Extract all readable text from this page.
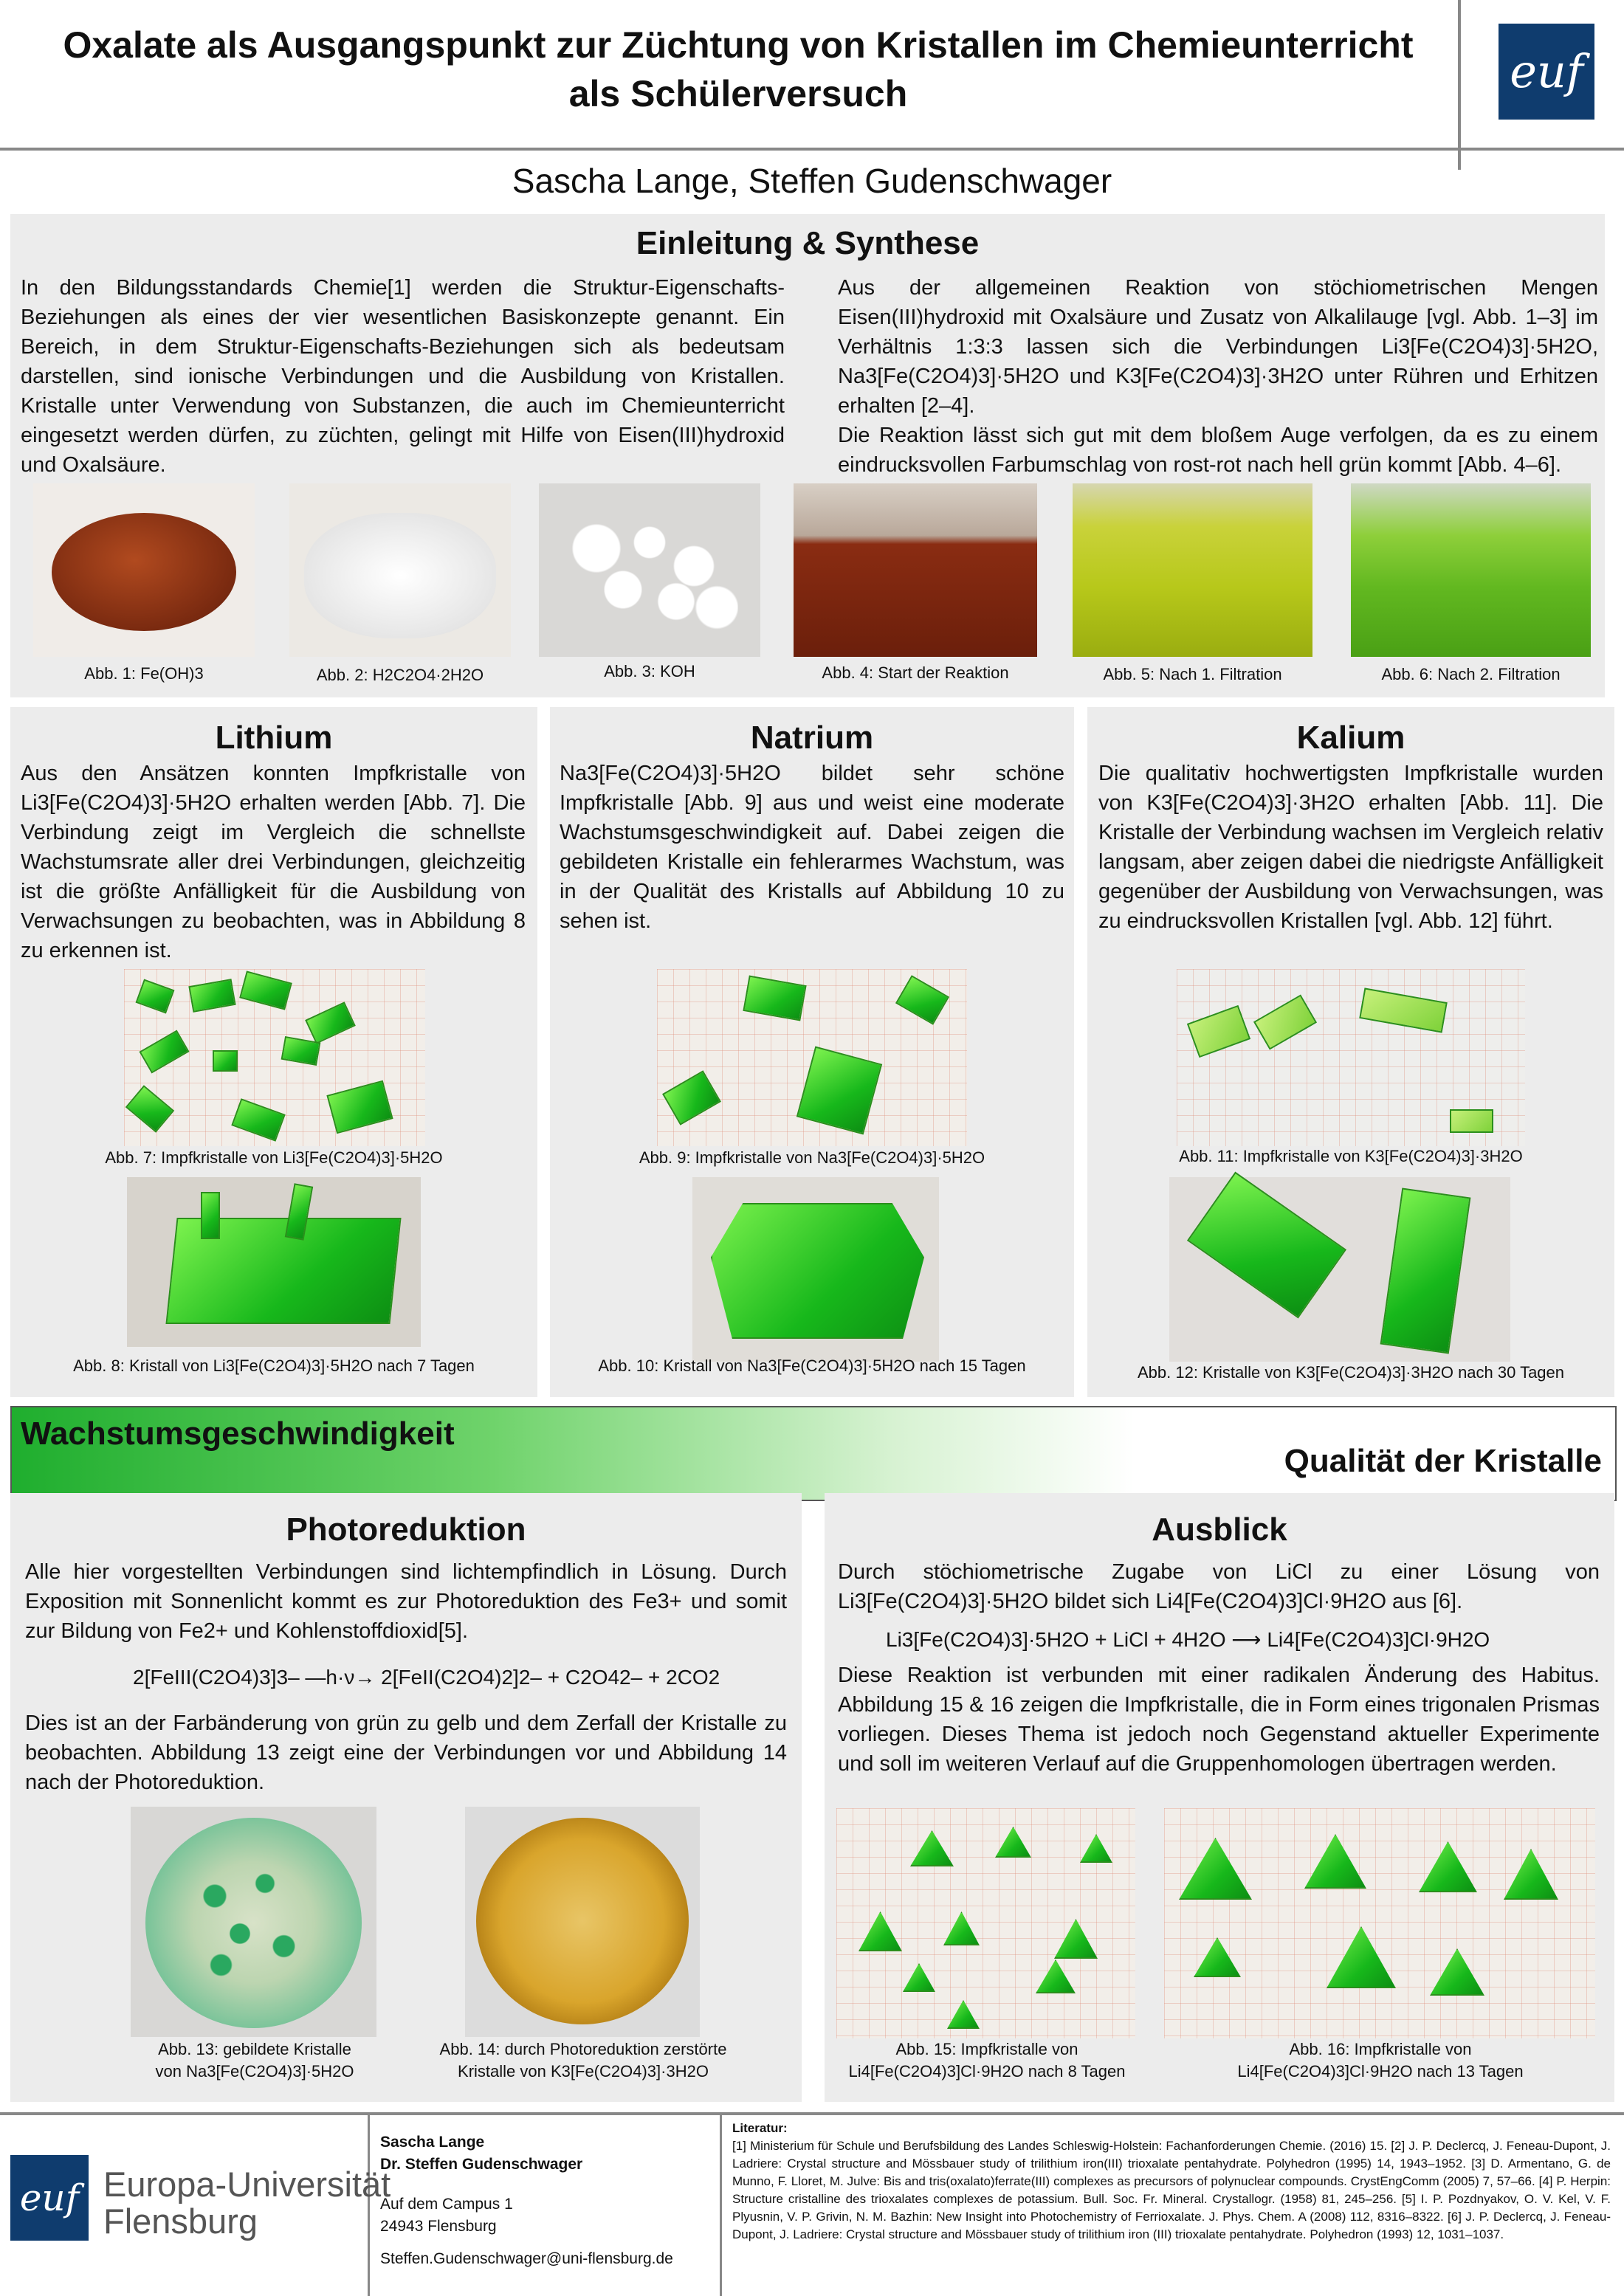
Oxalate als Ausgangspunkt zur Züchtung von Kristallen im Chemieunterricht
als Schülerversuch	euf
Sascha Lange, Steffen Gudenschwager
Einleitung & Synthese

In den Bildungsstandards Chemie[1] werden die Struktur-Eigenschafts-Beziehungen als eines der vier wesentlichen Basiskonzepte genannt. Ein Bereich, in dem Struktur-Eigenschafts-Beziehungen sich als bedeutsam darstellen, sind ionische Verbindungen und die Ausbildung von Kristallen. Kristalle unter Verwendung von Substanzen, die auch im Chemieunterricht eingesetzt werden dürfen, zu züchten, gelingt mit Hilfe von Eisen(III)hydroxid und Oxalsäure.

Aus der allgemeinen Reaktion von stöchiometrischen Mengen Eisen(III)hydroxid mit Oxalsäure und Zusatz von Alkalilauge [vgl. Abb. 1–3] im Verhältnis 1:3:3 lassen sich die Verbindungen Li3[Fe(C2O4)3]·5H2O, Na3[Fe(C2O4)3]·5H2O und K3[Fe(C2O4)3]·3H2O unter Rühren und Erhitzen erhalten [2–4].

Die Reaktion lässt sich gut mit dem bloßem Auge verfolgen, da es zu einem eindrucksvollen Farbumschlag von rost-rot nach hell grün kommt [Abb. 4–6].

Abb. 1: Fe(OH)3	Abb. 2: H2C2O4·2H2O	Abb. 3: KOH	Abb. 4: Start der Reaktion	Abb. 5: Nach 1. Filtration	Abb. 6: Nach 2. Filtration
Lithium

Aus den Ansätzen konnten Impfkristalle von Li3[Fe(C2O4)3]·5H2O erhalten werden [Abb. 7]. Die Verbindung zeigt im Vergleich die schnellste Wachstumsrate aller drei Verbindungen, gleichzeitig ist die größte Anfälligkeit für die Ausbildung von Verwachsungen zu beobachten, was in Abbildung 8 zu erkennen ist.

Abb. 7: Impfkristalle von Li3[Fe(C2O4)3]·5H2O
Abb. 8: Kristall von Li3[Fe(C2O4)3]·5H2O nach 7 Tagen
Natrium

Na3[Fe(C2O4)3]·5H2O bildet sehr schöne Impfkristalle [Abb. 9] aus und weist eine moderate Wachstumsgeschwindigkeit auf. Dabei zeigen die gebildeten Kristalle ein fehlerarmes Wachstum, was in der Qualität des Kristalls auf Abbildung 10 zu sehen ist.

Abb. 9: Impfkristalle von Na3[Fe(C2O4)3]·5H2O
Abb. 10: Kristall von Na3[Fe(C2O4)3]·5H2O nach 15 Tagen
Kalium

Die qualitativ hochwertigsten Impfkristalle wurden von K3[Fe(C2O4)3]·3H2O erhalten [Abb. 11]. Die Kristalle der Verbindung wachsen im Vergleich relativ langsam, aber zeigen dabei die niedrigste Anfälligkeit gegenüber der Ausbildung von Verwachsungen, was zu eindrucksvollen Kristallen [vgl. Abb. 12] führt.

Abb. 11: Impfkristalle von K3[Fe(C2O4)3]·3H2O
Abb. 12: Kristalle von K3[Fe(C2O4)3]·3H2O nach 30 Tagen
Wachstumsgeschwindigkeit
Qualität der Kristalle
Photoreduktion

Alle hier vorgestellten Verbindungen sind lichtempfindlich in Lösung. Durch Exposition mit Sonnenlicht kommt es zur Photoreduktion des Fe3+ und somit zur Bildung von Fe2+ und Kohlenstoffdioxid[5].

2[FeIII(C2O4)3]3– —h·ν→ 2[FeII(C2O4)2]2– + C2O42– + 2CO2

Dies ist an der Farbänderung von grün zu gelb und dem Zerfall der Kristalle zu beobachten. Abbildung 13 zeigt eine der Verbindungen vor und Abbildung 14 nach der Photoreduktion.

Abb. 13: gebildete Kristalle
von Na3[Fe(C2O4)3]·5H2O
Abb. 14: durch Photoreduktion zerstörte
Kristalle von K3[Fe(C2O4)3]·3H2O
Ausblick

Durch stöchiometrische Zugabe von LiCl zu einer Lösung von Li3[Fe(C2O4)3]·5H2O bildet sich Li4[Fe(C2O4)3]Cl·9H2O aus [6].

Li3[Fe(C2O4)3]·5H2O + LiCl + 4H2O ⟶ Li4[Fe(C2O4)3]Cl·9H2O

Diese Reaktion ist verbunden mit einer radikalen Änderung des Habitus. Abbildung 15 & 16 zeigen die Impfkristalle, die in Form eines trigonalen Prismas vorliegen. Dieses Thema ist jedoch noch Gegenstand aktueller Experimente und soll im weiteren Verlauf auf die Gruppenhomologen übertragen werden.

Abb. 15: Impfkristalle von
Li4[Fe(C2O4)3]Cl·9H2O nach 8 Tagen
Abb. 16: Impfkristalle von
Li4[Fe(C2O4)3]Cl·9H2O nach 13 Tagen
euf Europa-Universität
Flensburg
Sascha Lange
Dr. Steffen Gudenschwager
Auf dem Campus 1
24943 Flensburg
Steffen.Gudenschwager@uni-flensburg.de
Literatur:
[1] Ministerium für Schule und Berufsbildung des Landes Schleswig-Holstein: Fachanforderungen Chemie. (2016) 15. [2] J. P. Declercq, J. Feneau-Dupont, J. Ladriere: Crystal structure and Mössbauer study of trilithium iron(III) trioxalate pentahydrate. Polyhedron (1995) 14, 1943–1952. [3] D. Armentano, G. de Munno, F. Lloret, M. Julve: Bis and tris(oxalato)ferrate(III) complexes as precursors of polynuclear compounds. CrystEngComm (2005) 7, 57–66. [4] P. Herpin: Structure cristalline des trioxalates complexes de potassium. Bull. Soc. Fr. Mineral. Crystallogr. (1958) 81, 245–256. [5] I. P. Pozdnyakov, O. V. Kel, V. F. Plyusnin, V. P. Grivin, N. M. Bazhin: New Insight into Photochemistry of Ferrioxalate. J. Phys. Chem. A (2008) 112, 8316–8322. [6] J. P. Declercq, J. Feneau-Dupont, J. Ladriere: Crystal structure and Mössbauer study of trilithium iron (III) trioxalate pentahydrate. Polyhedron (1993) 12, 1031–1037.
